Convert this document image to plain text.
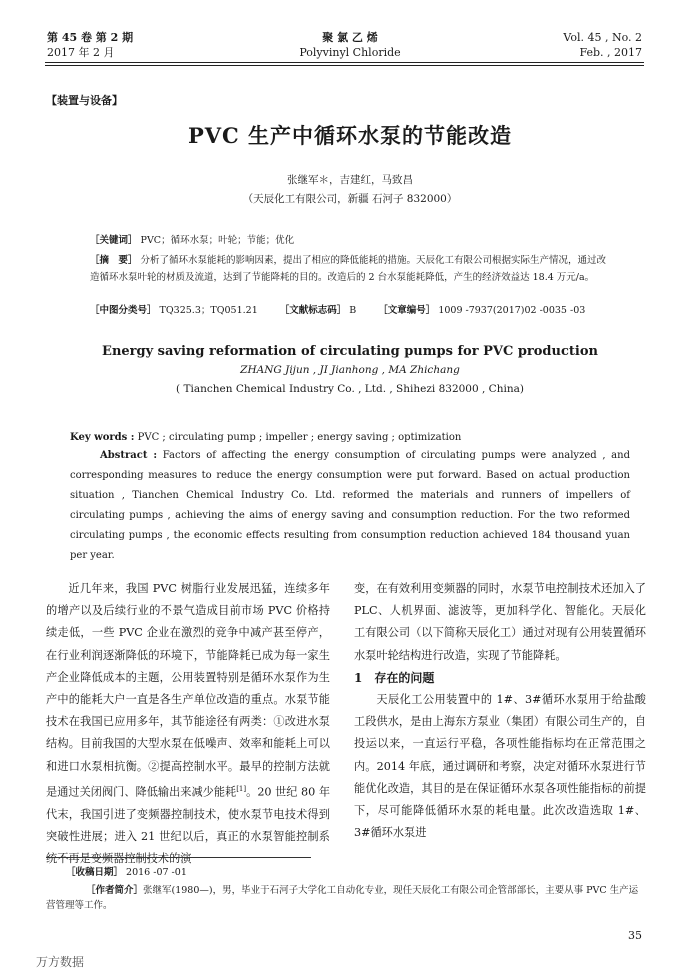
第 45 卷 第 2 期
2017 年 2 月
聚 氯 乙 烯
Polyvinyl Chloride
Vol. 45 , No. 2
Feb. , 2017
【装置与设备】
PVC 生产中循环水泵的节能改造
张继军＊，吉建红，马致昌
（天辰化工有限公司，新疆 石河子 832000）
［关键词］ PVC；循环水泵；叶轮；节能；优化
［摘　要］ 分析了循环水泵能耗的影响因素，提出了相应的降低能耗的措施。天辰化工有限公司根据实际生产情况，通过改造循环水泵叶轮的材质及流道，达到了节能降耗的目的。改造后的 2 台水泵能耗降低，产生的经济效益达 18.4 万元/a。
［中图分类号］ TQ325.3；TQ051.21 ［文献标志码］ B ［文章编号］ 1009 -7937(2017)02 -0035 -03
Energy saving reformation of circulating pumps for PVC production
ZHANG Jijun , JI Jianhong , MA Zhichang
( Tianchen Chemical Industry Co. , Ltd. , Shihezi 832000 , China)
Key words : PVC ; circulating pump ; impeller ; energy saving ; optimization
Abstract : Factors of affecting the energy consumption of circulating pumps were analyzed , and corresponding measures to reduce the energy consumption were put forward. Based on actual production situation , Tianchen Chemical Industry Co. Ltd. reformed the materials and runners of impellers of circulating pumps , achieving the aims of energy saving and consumption reduction. For the two reformed circulating pumps , the economic effects resulting from consumption reduction achieved 184 thousand yuan per year.
近几年来，我国 PVC 树脂行业发展迅猛，连续多年的增产以及后续行业的不景气造成目前市场 PVC 价格持续走低，一些 PVC 企业在激烈的竞争中减产甚至停产，在行业利润逐渐降低的环境下，节能降耗已成为每一家生产企业降低成本的主题，公用装置特别是循环水泵作为生产中的能耗大户一直是各生产单位改造的重点。水泵节能技术在我国已应用多年，其节能途径有两类：①改进水泵结构。目前我国的大型水泵在低噪声、效率和能耗上可以和进口水泵相抗衡。②提高控制水平。最早的控制方法就是通过关闭阀门、降低输出来减少能耗[1]。20 世纪 80 年代末，我国引进了变频器控制技术，使水泵节电技术得到突破性进展；进入 21 世纪以后，真正的水泵智能控制系统不再是变频器控制技术的演

变，在有效利用变频器的同时，水泵节电控制技术还加入了 PLC、人机界面、滤波等，更加科学化、智能化。天辰化工有限公司（以下简称天辰化工）通过对现有公用装置循环水泵叶轮结构进行改造，实现了节能降耗。

1　存在的问题

天辰化工公用装置中的 1#、3#循环水泵用于给盐酸工段供水，是由上海东方泵业（集团）有限公司生产的，自投运以来，一直运行平稳，各项性能指标均在正常范围之内。2014 年底，通过调研和考察，决定对循环水泵进行节能优化改造，其目的是在保证循环水泵各项性能指标的前提下，尽可能降低循环水泵的耗电量。此次改造选取 1#、3#循环水泵进

［收稿日期］ 2016 -07 -01
［作者简介］张继军(1980—)，男，毕业于石河子大学化工自动化专业，现任天辰化工有限公司企管部部长，主要从事 PVC 生产运营管理等工作。
35
万方数据
